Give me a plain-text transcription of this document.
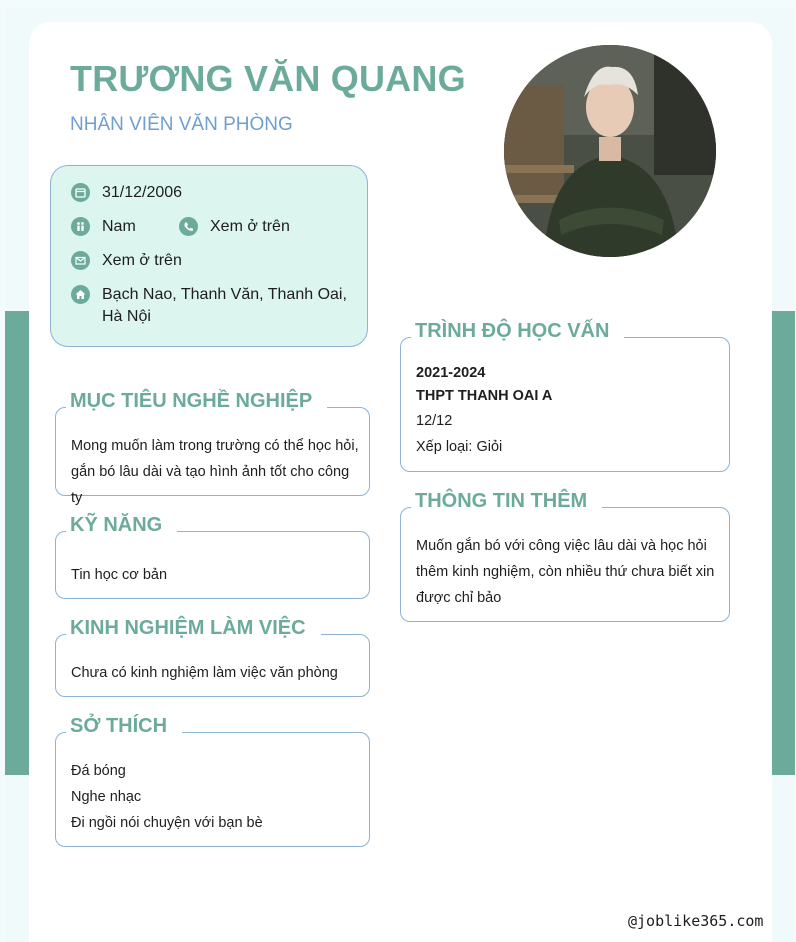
TRƯƠNG VĂN QUANG
NHÂN VIÊN VĂN PHÒNG
31/12/2006
Nam	Xem ở trên
Xem ở trên
Bạch Nao, Thanh Văn, Thanh Oai, Hà Nội
MỤC TIÊU NGHỀ NGHIỆP
Mong muốn làm trong trường có thể học hỏi, gắn bó lâu dài và tạo hình ảnh tốt cho công ty
KỸ NĂNG
Tin học cơ bản
KINH NGHIỆM LÀM VIỆC
Chưa có kinh nghiệm làm việc văn phòng
SỞ THÍCH
Đá bóng
Nghe nhạc
Đi ngồi nói chuyện với bạn bè
TRÌNH ĐỘ HỌC VẤN
2021-2024
THPT THANH OAI A
12/12
Xếp loại: Giỏi
THÔNG TIN THÊM
Muốn gắn bó với công việc lâu dài và học hỏi thêm kinh nghiệm, còn nhiều thứ chưa biết xin được chỉ bảo
@joblike365.com
